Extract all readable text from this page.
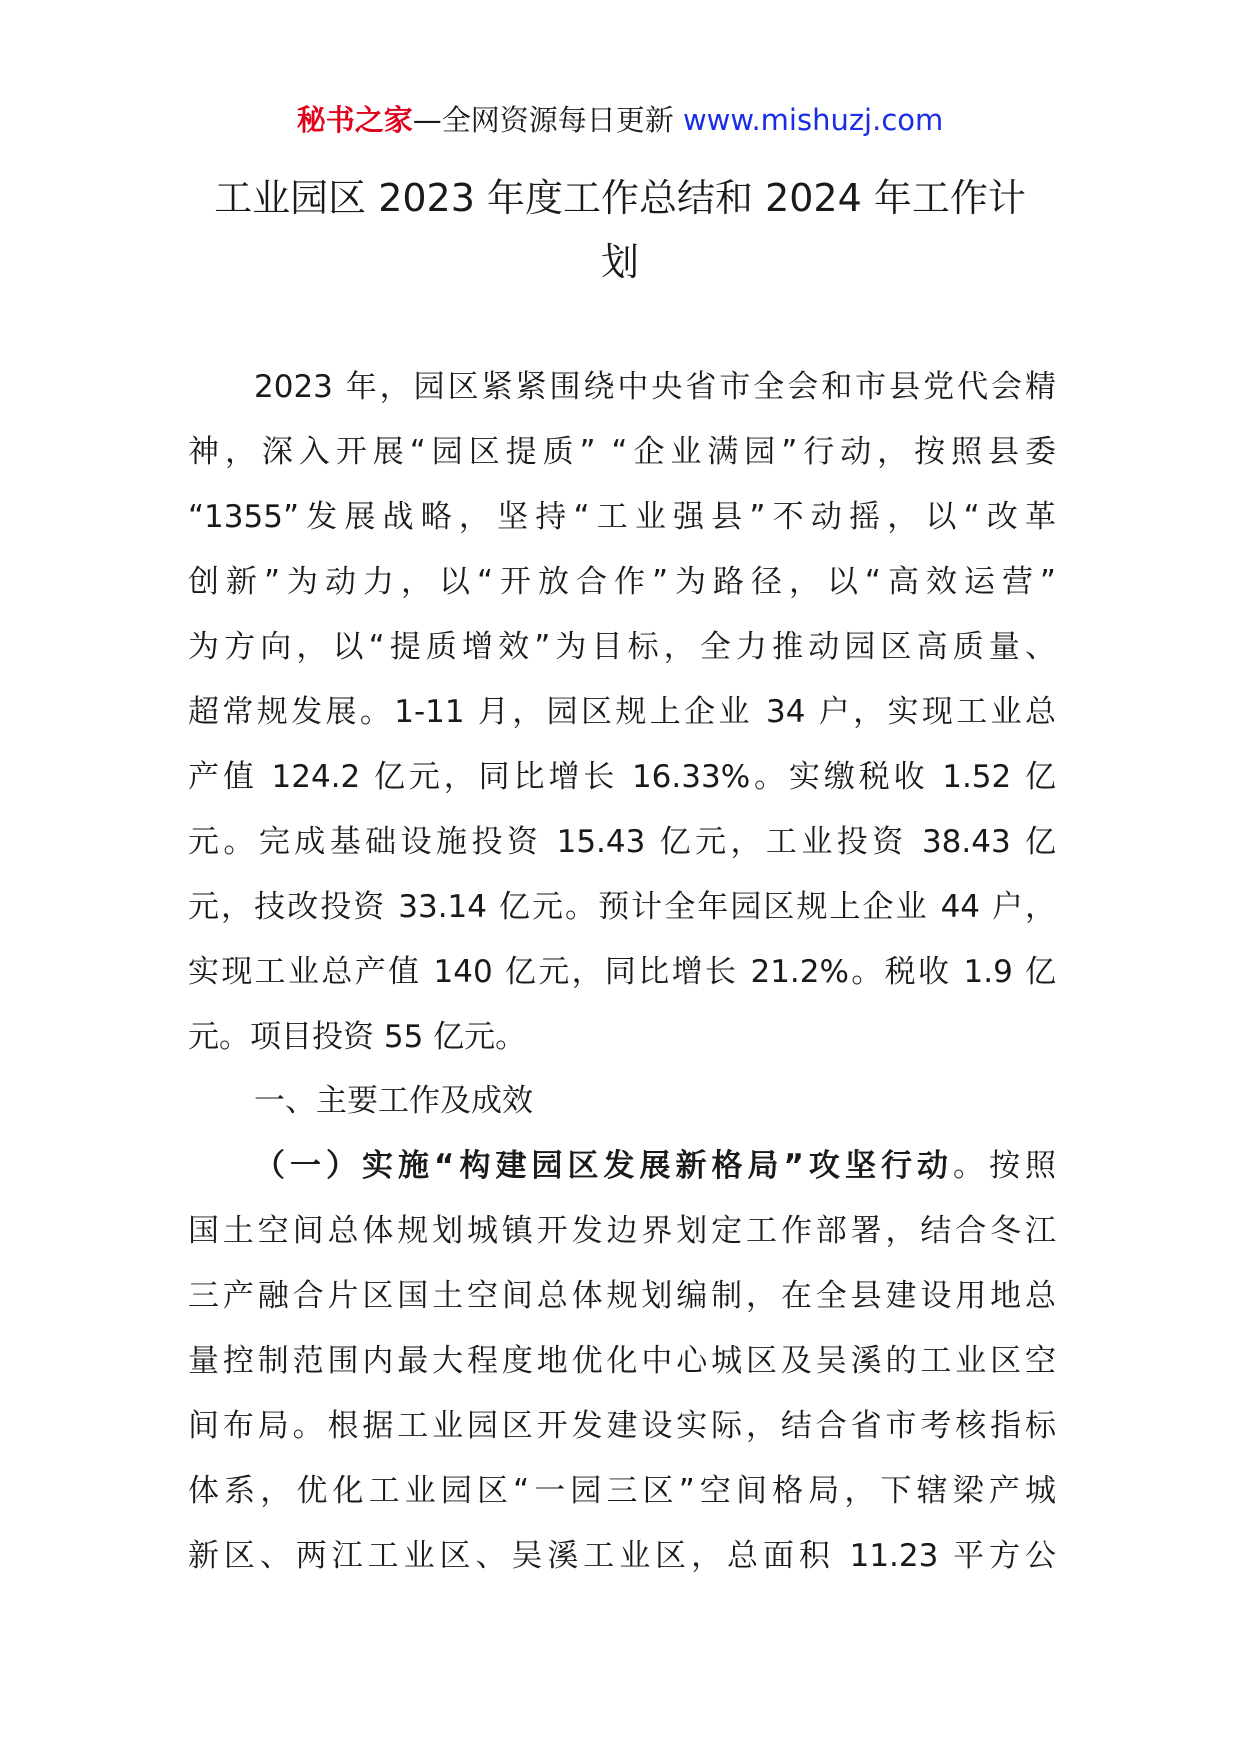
秘书之家—全网资源每日更新 www.mishuzj.com
工业园区 2023 年度工作总结和 2024 年工作计
划
2023 年，园区紧紧围绕中央省市全会和市县党代会精
神，深入开展“园区提质” “企业满园”行动，按照县委
“1355”发展战略，坚持“工业强县”不动摇，以“改革
创新”为动力，以“开放合作”为路径，以“高效运营”
为方向，以“提质增效”为目标，全力推动园区高质量、
超常规发展。1-11 月，园区规上企业 34 户，实现工业总
产值 124.2 亿元，同比增长 16.33%。实缴税收 1.52 亿
元。完成基础设施投资 15.43 亿元，工业投资 38.43 亿
元，技改投资 33.14 亿元。预计全年园区规上企业 44 户，
实现工业总产值 140 亿元，同比增长 21.2%。税收 1.9 亿
元。项目投资 55 亿元。
一、主要工作及成效
（一）实施“构建园区发展新格局”攻坚行动。按照
国土空间总体规划城镇开发边界划定工作部署，结合冬江
三产融合片区国土空间总体规划编制，在全县建设用地总
量控制范围内最大程度地优化中心城区及吴溪的工业区空
间布局。根据工业园区开发建设实际，结合省市考核指标
体系，优化工业园区“一园三区”空间格局，下辖梁产城
新区、两江工业区、吴溪工业区，总面积 11.23 平方公
